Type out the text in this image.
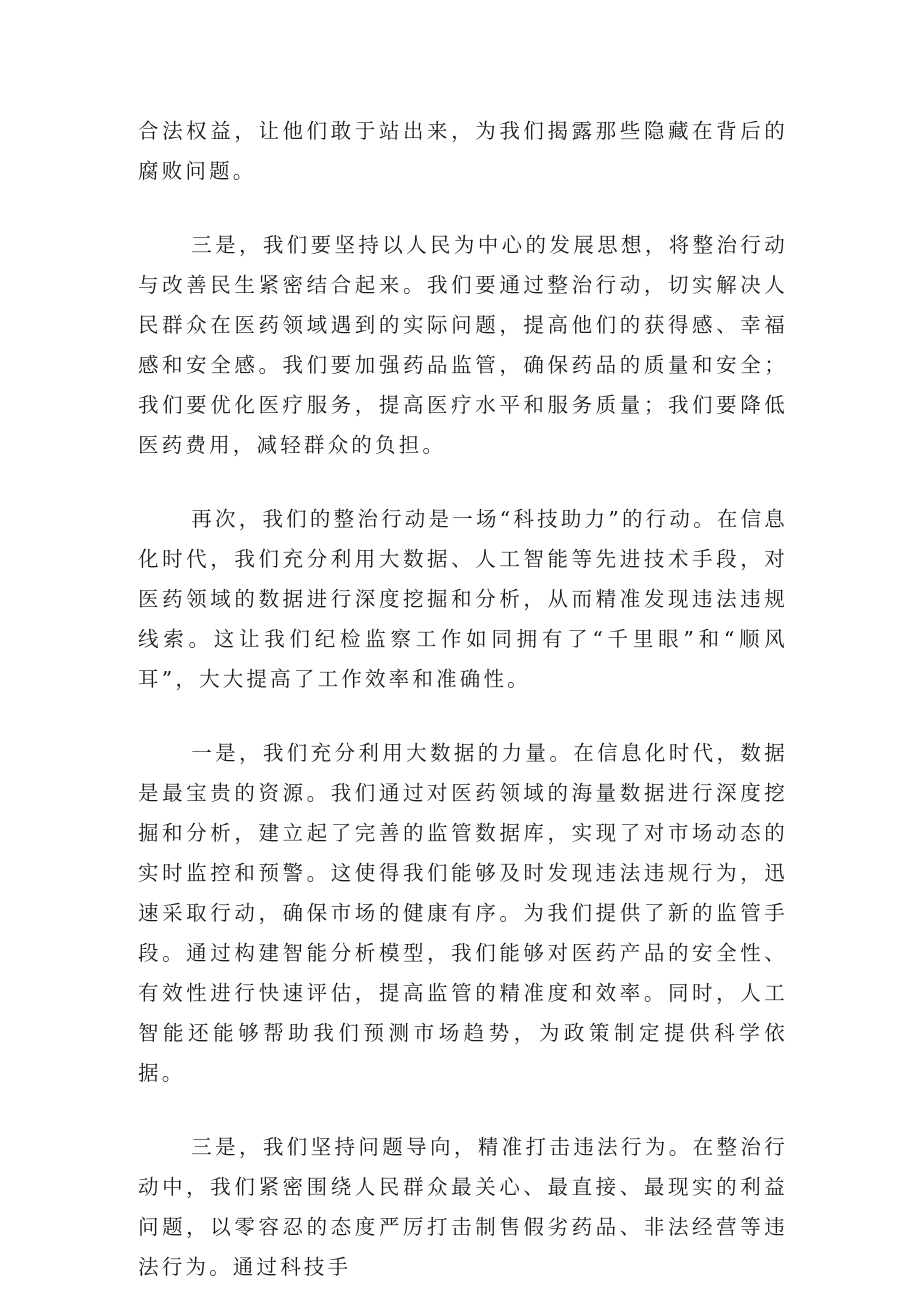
合法权益，让他们敢于站出来，为我们揭露那些隐藏在背后的腐败问题。

三是，我们要坚持以人民为中心的发展思想，将整治行动与改善民生紧密结合起来。我们要通过整治行动，切实解决人民群众在医药领域遇到的实际问题，提高他们的获得感、幸福感和安全感。我们要加强药品监管，确保药品的质量和安全；我们要优化医疗服务，提高医疗水平和服务质量；我们要降低医药费用，减轻群众的负担。

再次，我们的整治行动是一场“科技助力”的行动。在信息化时代，我们充分利用大数据、人工智能等先进技术手段，对医药领域的数据进行深度挖掘和分析，从而精准发现违法违规线索。这让我们纪检监察工作如同拥有了“千里眼”和“顺风耳”，大大提高了工作效率和准确性。

一是，我们充分利用大数据的力量。在信息化时代，数据是最宝贵的资源。我们通过对医药领域的海量数据进行深度挖掘和分析，建立起了完善的监管数据库，实现了对市场动态的实时监控和预警。这使得我们能够及时发现违法违规行为，迅速采取行动，确保市场的健康有序。为我们提供了新的监管手段。通过构建智能分析模型，我们能够对医药产品的安全性、有效性进行快速评估，提高监管的精准度和效率。同时，人工智能还能够帮助我们预测市场趋势，为政策制定提供科学依据。

三是，我们坚持问题导向，精准打击违法行为。在整治行动中，我们紧密围绕人民群众最关心、最直接、最现实的利益问题，以零容忍的态度严厉打击制售假劣药品、非法经营等违法行为。通过科技手
